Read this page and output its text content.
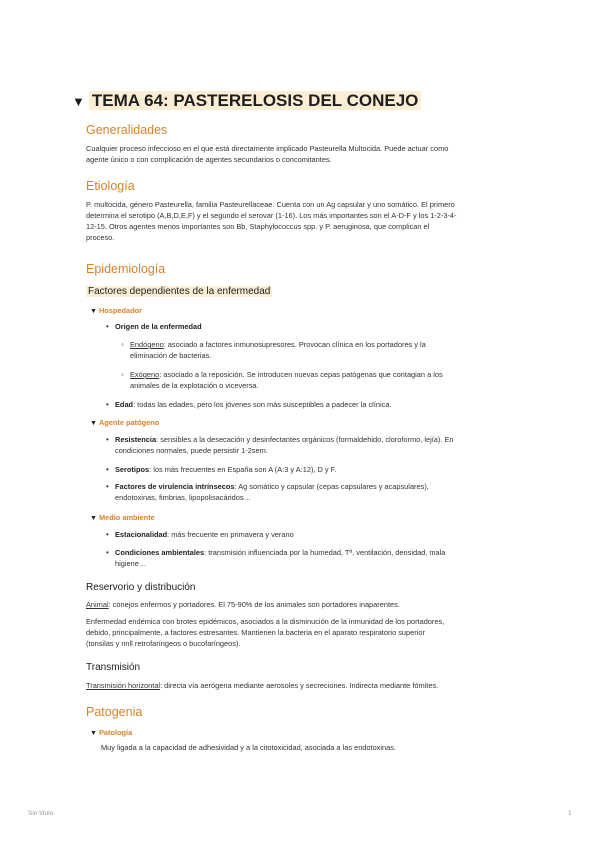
▼ TEMA 64: PASTERELOSIS DEL CONEJO
Generalidades
Cualquier proceso infeccioso en el que está directamente implicado Pasteurella Multocida. Puede actuar como
agente único o con complicación de agentes secundarios o concomitantes.
Etiología
P. multocida, género Pasteurella, familia Pasteurellaceae. Cuenta con un Ag capsular y uno somático. El primero
determina el serotipo (A,B,D,E,F) y el segundo el serovar (1-16). Los más importantes son el A-D-F y los 1-2-3-4-
12-15. Otros agentes menos importantes son Bb, Staphylococcus spp. y P. aeruginosa, que complican el
proceso.
Epidemiología
Factores dependientes de la enfermedad
▼ Hospedador
• Origen de la enfermedad
◦ Endógeno: asociado a factores inmunosupresores. Provocan clínica en los portadores y la
eliminación de bacterias.
◦ Exógeno: asociado a la reposición. Se introducen nuevas cepas patógenas que contagian a los
animales de la explotación o viceversa.
• Edad: todas las edades, pero los jóvenes son más susceptibles a padecer la clínica.
▼ Agente patógeno
• Resistencia: sensibles a la desecación y desinfectantes orgánicos (formaldehido, cloroformo, lejía). En
condiciones normales, puede persistir 1-2sem.
• Serotipos: los más frecuentes en España son A (A:3 y A:12), D y F.
• Factores de virulencia intrínsecos: Ag somático y capsular (cepas capsulares y acapsulares),
endotoxinas, fimbrias, lipopolisacáridos…
▼ Medio ambiente
• Estacionalidad: más frecuente en primavera y verano
• Condiciones ambientales: transmisión influenciada por la humedad, Tª, ventilación, densidad, mala
higiene…
Reservorio y distribución
Animal: conejos enfermos y portadores. El 75-90% de los animales son portadores inaparentes.
Enfermedad endémica con brotes epidémicos, asociados a la disminución de la inmunidad de los portadores,
debido, principalmente, a factores estresantes. Mantienen la bacteria en el aparato respiratorio superior
(tonsilas y nnll retrofaríngeos o bucofaríngeos).
Transmisión
Transmisión horizontal: directa vía aerógena mediante aerosoles y secreciones. Indirecta mediante fómites.
Patogenia
▼ Patología
Muy ligada a la capacidad de adhesividad y a la citotoxicidad, asociada a las endotoxinas.
Sin título	1
